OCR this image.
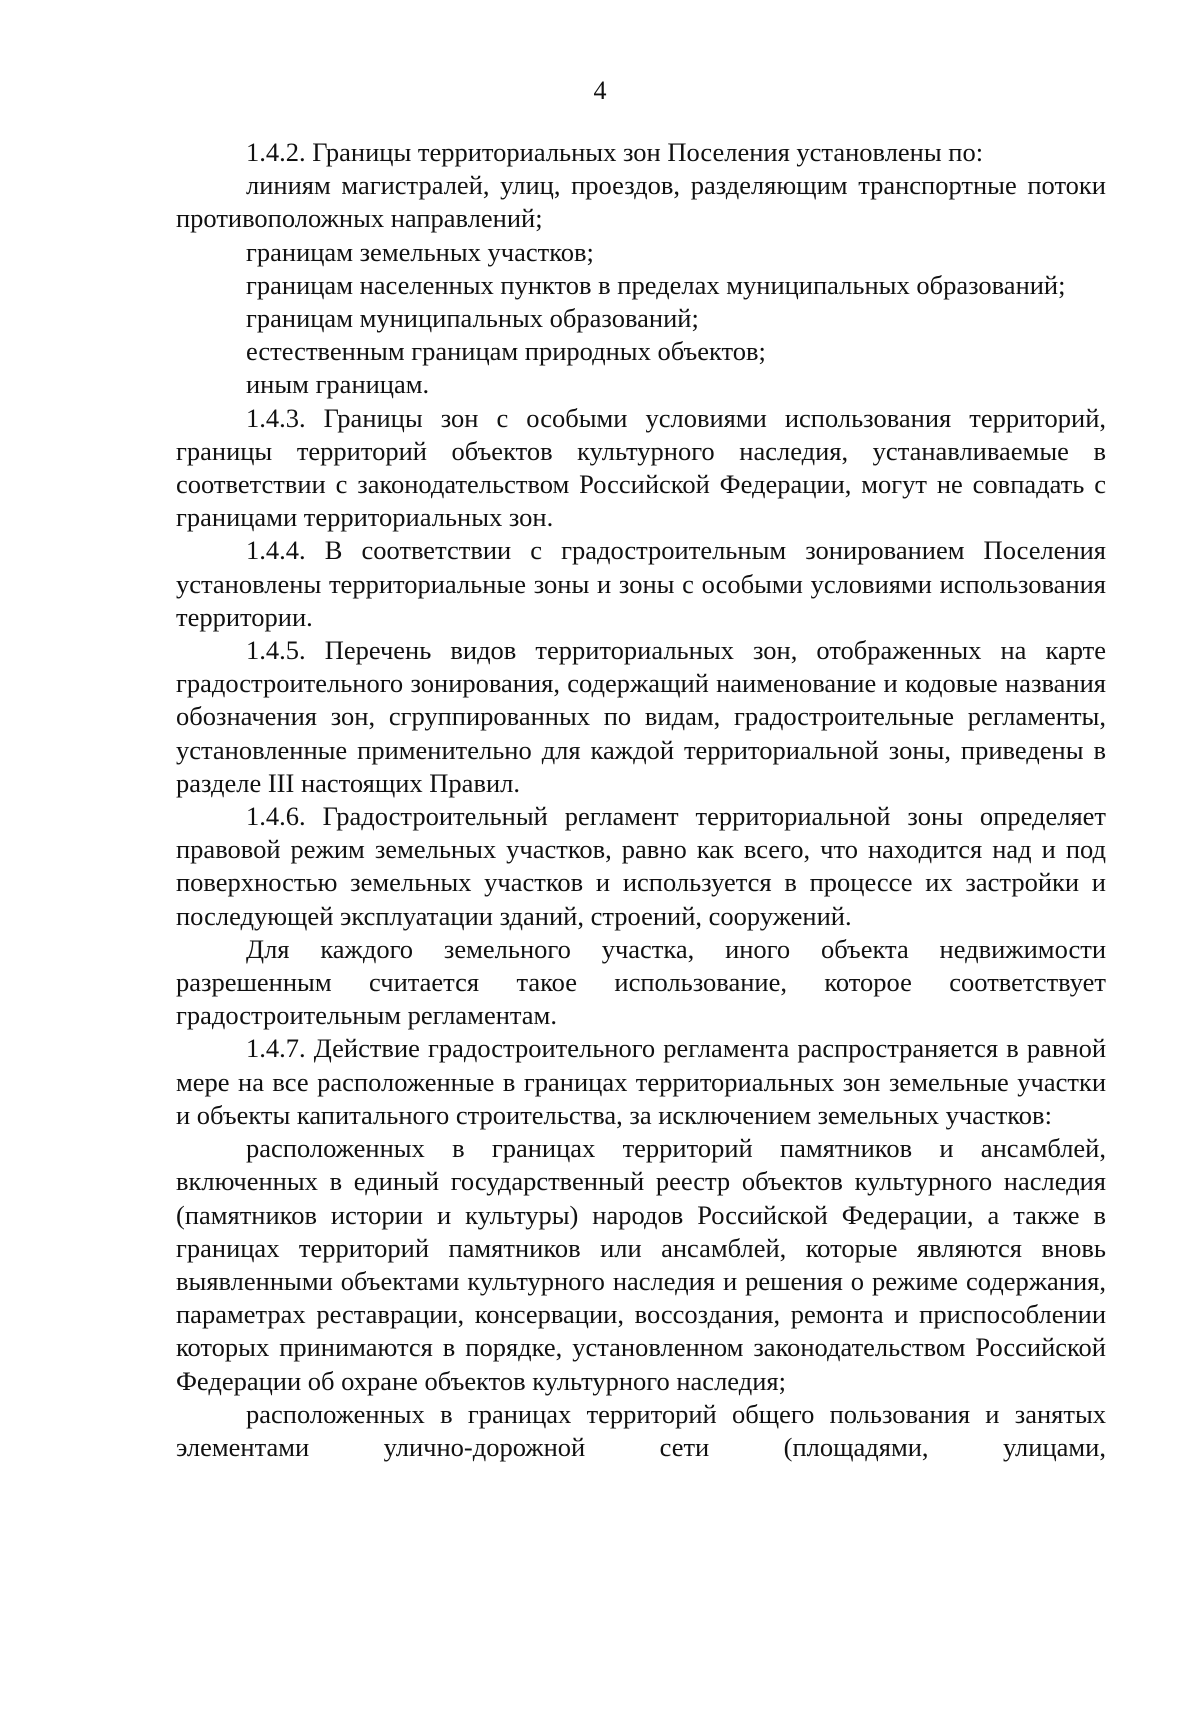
4

1.4.2. Границы территориальных зон Поселения установлены по:

линиям магистралей, улиц, проездов, разделяющим транспортные потоки противоположных направлений;

границам земельных участков;

границам населенных пунктов в пределах муниципальных образований;

границам муниципальных образований;

естественным границам природных объектов;

иным границам.

1.4.3. Границы зон с особыми условиями использования территорий, границы территорий объектов культурного наследия, устанавливаемые в соответствии с законодательством Российской Федерации, могут не совпадать с границами территориальных зон.

1.4.4. В соответствии с градостроительным зонированием Поселения установлены территориальные зоны и зоны с особыми условиями использования территории.

1.4.5. Перечень видов территориальных зон, отображенных на карте градостроительного зонирования, содержащий наименование и кодовые названия обозначения зон, сгруппированных по видам, градостроительные регламенты, установленные применительно для каждой территориальной зоны, приведены в разделе III настоящих Правил.

1.4.6. Градостроительный регламент территориальной зоны определяет правовой режим земельных участков, равно как всего, что находится над и под поверхностью земельных участков и используется в процессе их застройки и последующей эксплуатации зданий, строений, сооружений.

Для каждого земельного участка, иного объекта недвижимости разрешенным считается такое использование, которое соответствует градостроительным регламентам.

1.4.7. Действие градостроительного регламента распространяется в равной мере на все расположенные в границах территориальных зон земельные участки и объекты капитального строительства, за исключением земельных участков:

расположенных в границах территорий памятников и ансамблей, включенных в единый государственный реестр объектов культурного наследия (памятников истории и культуры) народов Российской Федерации, а также в границах территорий памятников или ансамблей, которые являются вновь выявленными объектами культурного наследия и решения о режиме содержания, параметрах реставрации, консервации, воссоздания, ремонта и приспособлении которых принимаются в порядке, установленном законодательством Российской Федерации об охране объектов культурного наследия;

расположенных в границах территорий общего пользования и занятых элементами улично-дорожной сети (площадями, улицами,
